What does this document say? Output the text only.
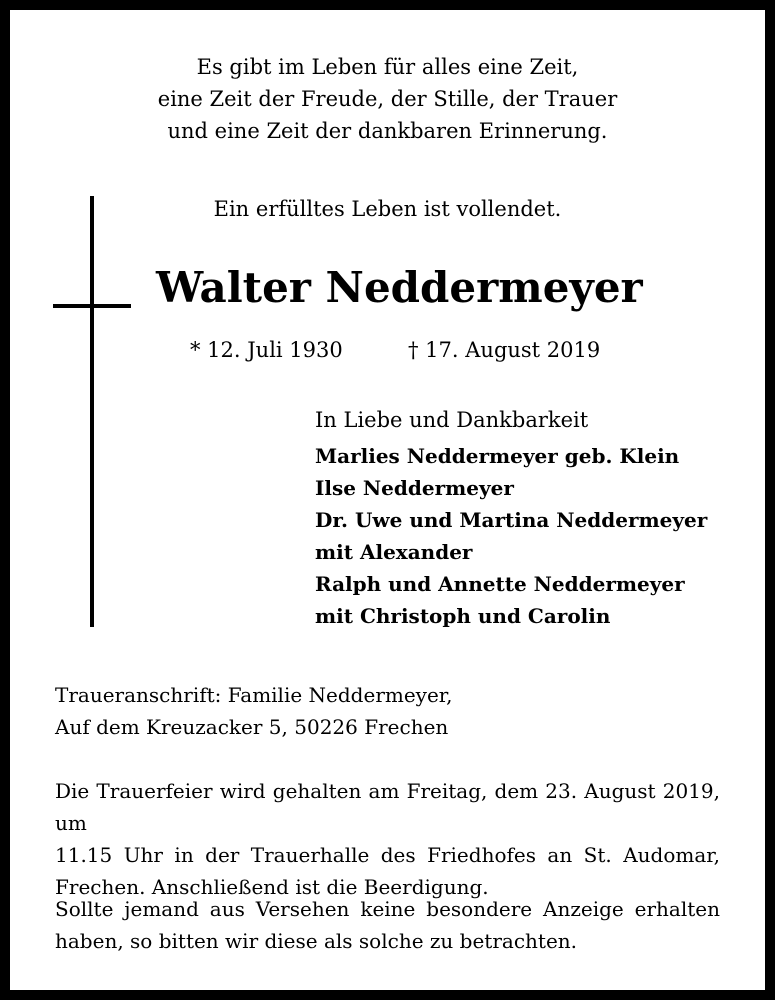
Es gibt im Leben für alles eine Zeit,
eine Zeit der Freude, der Stille, der Trauer
und eine Zeit der dankbaren Erinnerung.
Ein erfülltes Leben ist vollendet.
Walter Neddermeyer
* 12. Juli 1930	† 17. August 2019
In Liebe und Dankbarkeit
Marlies Neddermeyer geb. Klein
Ilse Neddermeyer
Dr. Uwe und Martina Neddermeyer
mit Alexander
Ralph und Annette Neddermeyer
mit Christoph und Carolin
Traueranschrift: Familie Neddermeyer,
Auf dem Kreuzacker 5, 50226 Frechen
Die Trauerfeier wird gehalten am Freitag, dem 23. August 2019, um
11.15 Uhr in der Trauerhalle des Friedhofes an St. Audomar,
Frechen. Anschließend ist die Beerdigung.
Sollte jemand aus Versehen keine besondere Anzeige erhalten
haben, so bitten wir diese als solche zu betrachten.
